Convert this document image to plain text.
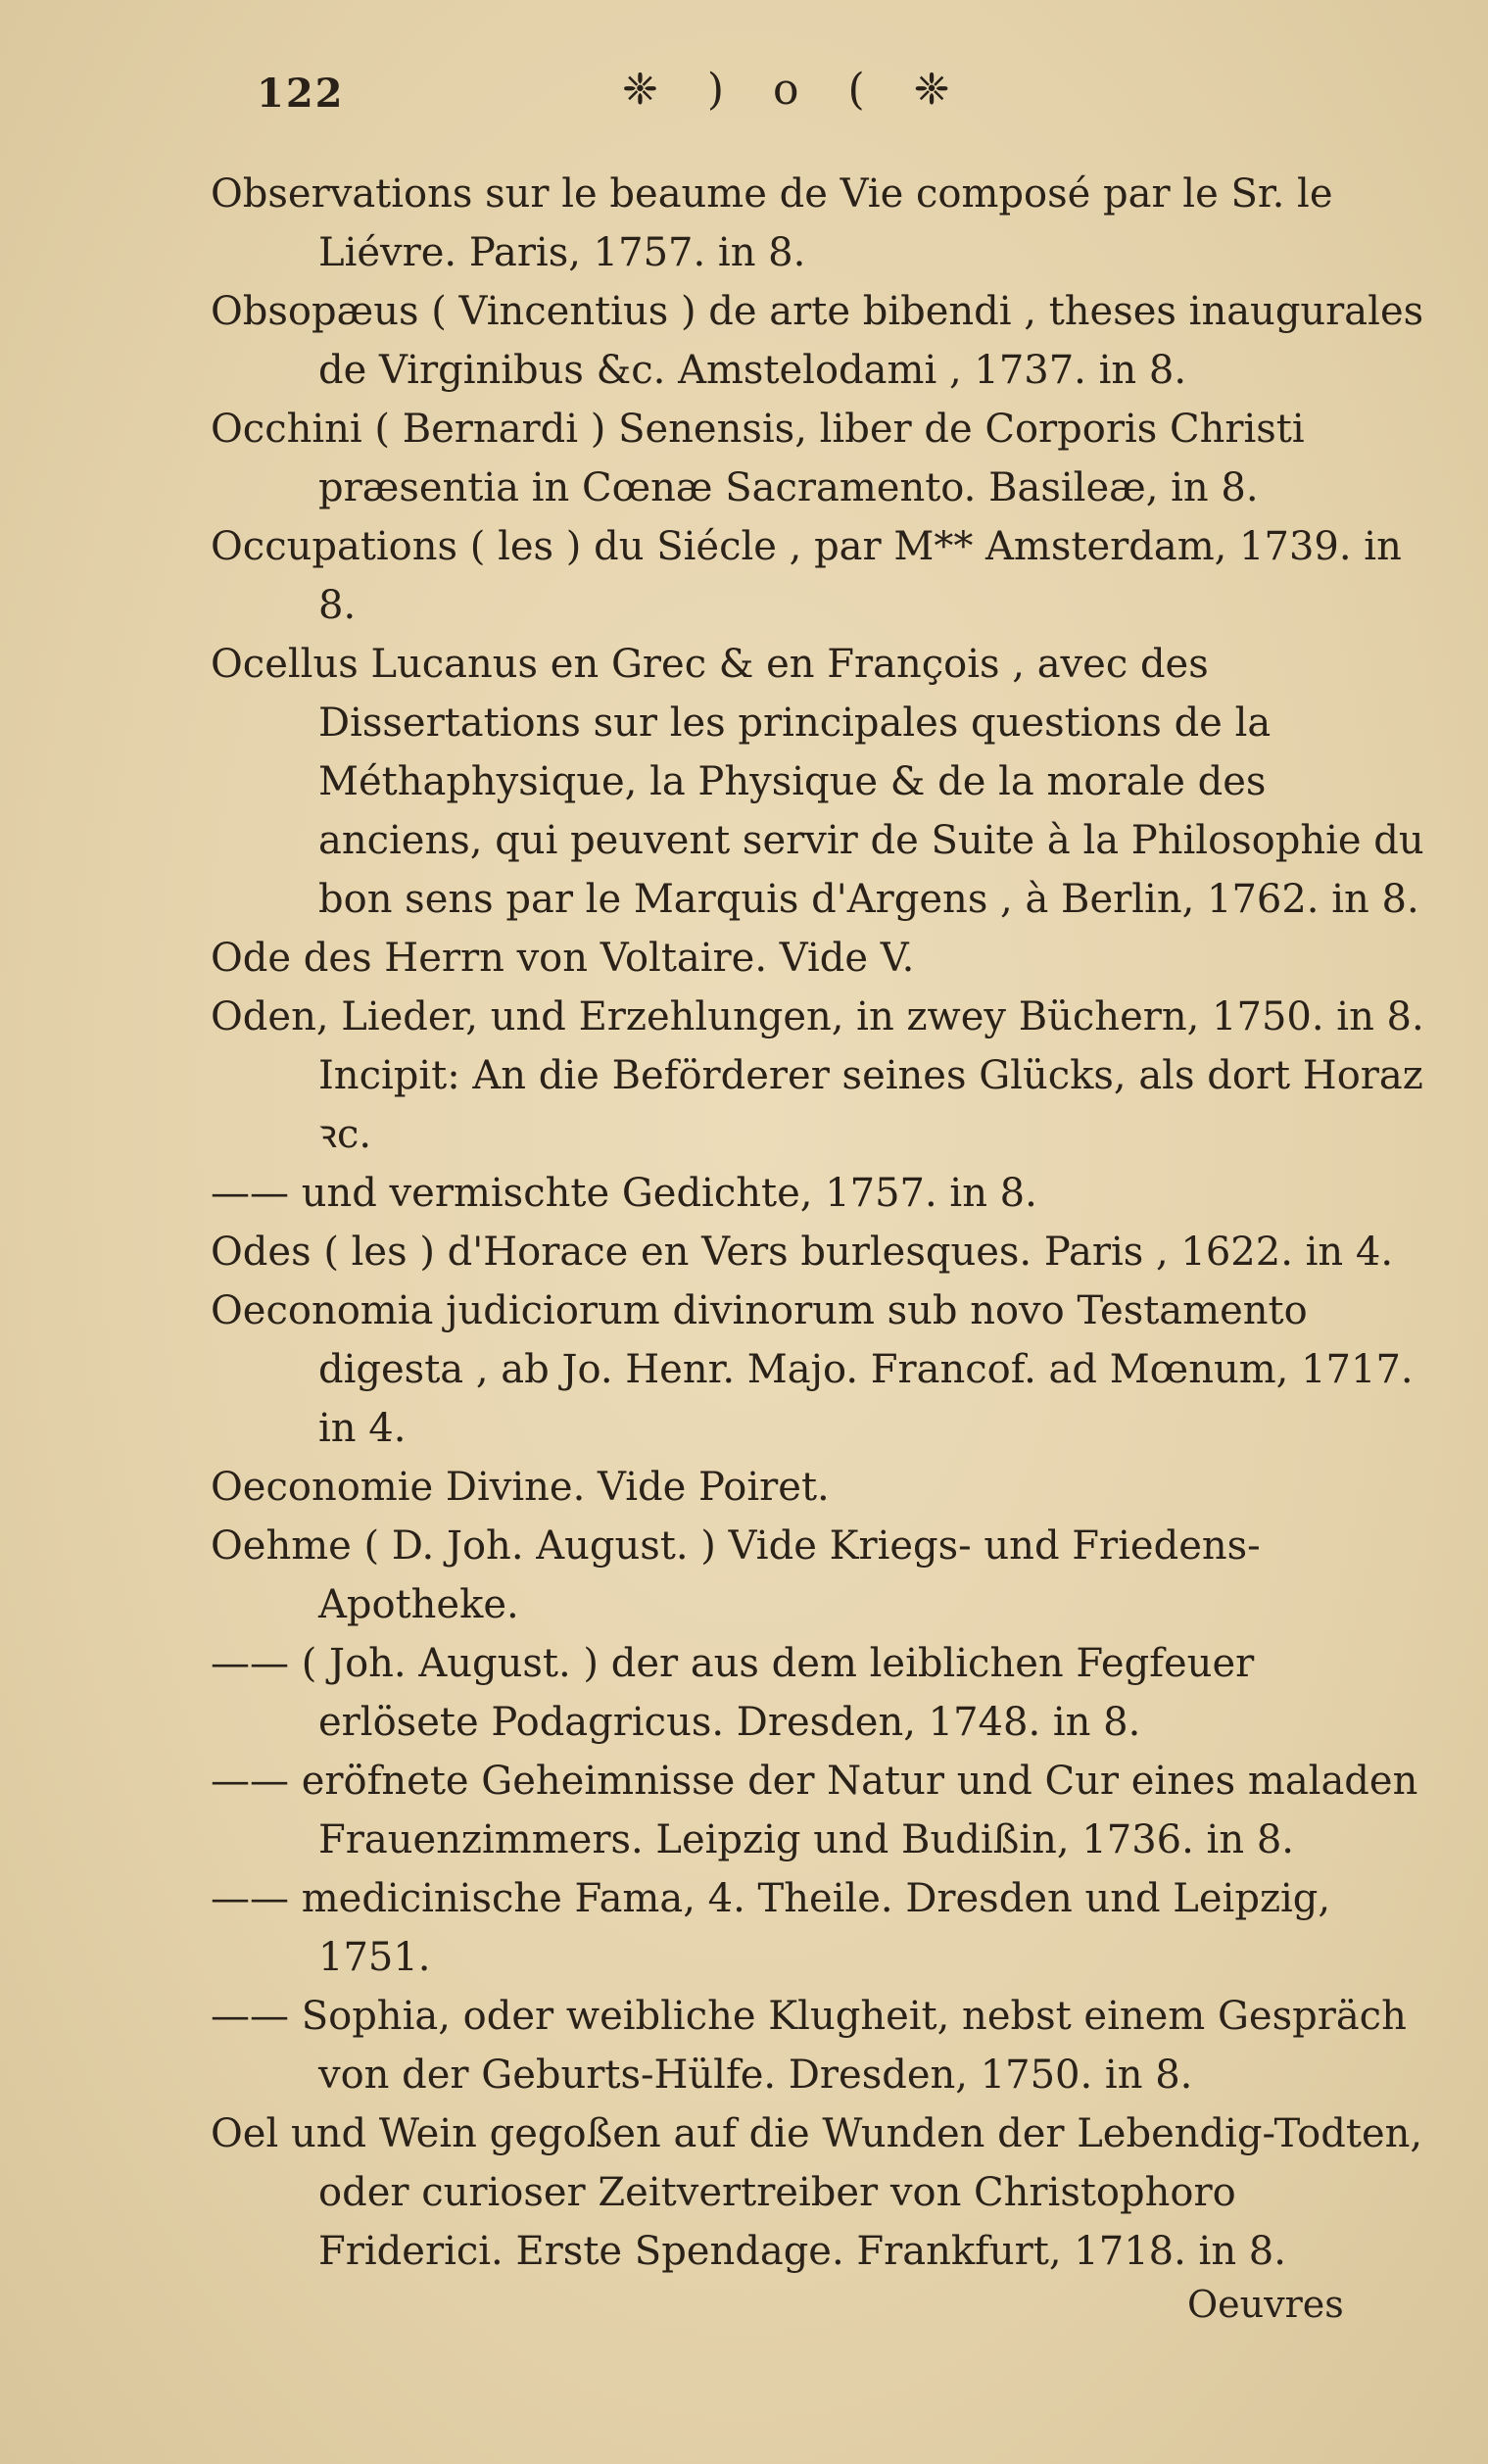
122	❈ ) o ( ❈

Observations sur le beaume de Vie composé par le Sr. le Liévre. Paris, 1757. in 8.

Obsopæus ( Vincentius ) de arte bibendi , theses inaugurales de Virginibus &c. Amstelodami , 1737. in 8.

Occhini ( Bernardi ) Senensis, liber de Corporis Christi præsentia in Cœnæ Sacramento. Basileæ, in 8.

Occupations ( les ) du Siécle , par M** Amsterdam, 1739. in 8.

Ocellus Lucanus en Grec & en François , avec des Dissertations sur les principales questions de la Méthaphysique, la Physique & de la morale des anciens, qui peuvent servir de Suite à la Philosophie du bon sens par le Marquis d'Argens , à Berlin, 1762. in 8.

Ode des Herrn von Voltaire. Vide V.

Oden, Lieder, und Erzehlungen, in zwey Büchern, 1750. in 8. Incipit: An die Beförderer seines Glücks, als dort Horaz ꝛc.

—— und vermischte Gedichte, 1757. in 8.

Odes ( les ) d'Horace en Vers burlesques. Paris , 1622. in 4.

Oeconomia judiciorum divinorum sub novo Testamento digesta , ab Jo. Henr. Majo. Francof. ad Mœnum, 1717. in 4.

Oeconomie Divine. Vide Poiret.

Oehme ( D. Joh. August. ) Vide Kriegs- und Friedens-Apotheke.

—— ( Joh. August. ) der aus dem leiblichen Fegfeuer erlösete Podagricus. Dresden, 1748. in 8.

—— eröfnete Geheimnisse der Natur und Cur eines maladen Frauenzimmers. Leipzig und Budißin, 1736. in 8.

—— medicinische Fama, 4. Theile. Dresden und Leipzig, 1751.

—— Sophia, oder weibliche Klugheit, nebst einem Gespräch von der Geburts-Hülfe. Dresden, 1750. in 8.

Oel und Wein gegoßen auf die Wunden der Lebendig-Todten, oder curioser Zeitvertreiber von Christophoro Friderici. Erste Spendage. Frankfurt, 1718. in 8.

Oeuvres
